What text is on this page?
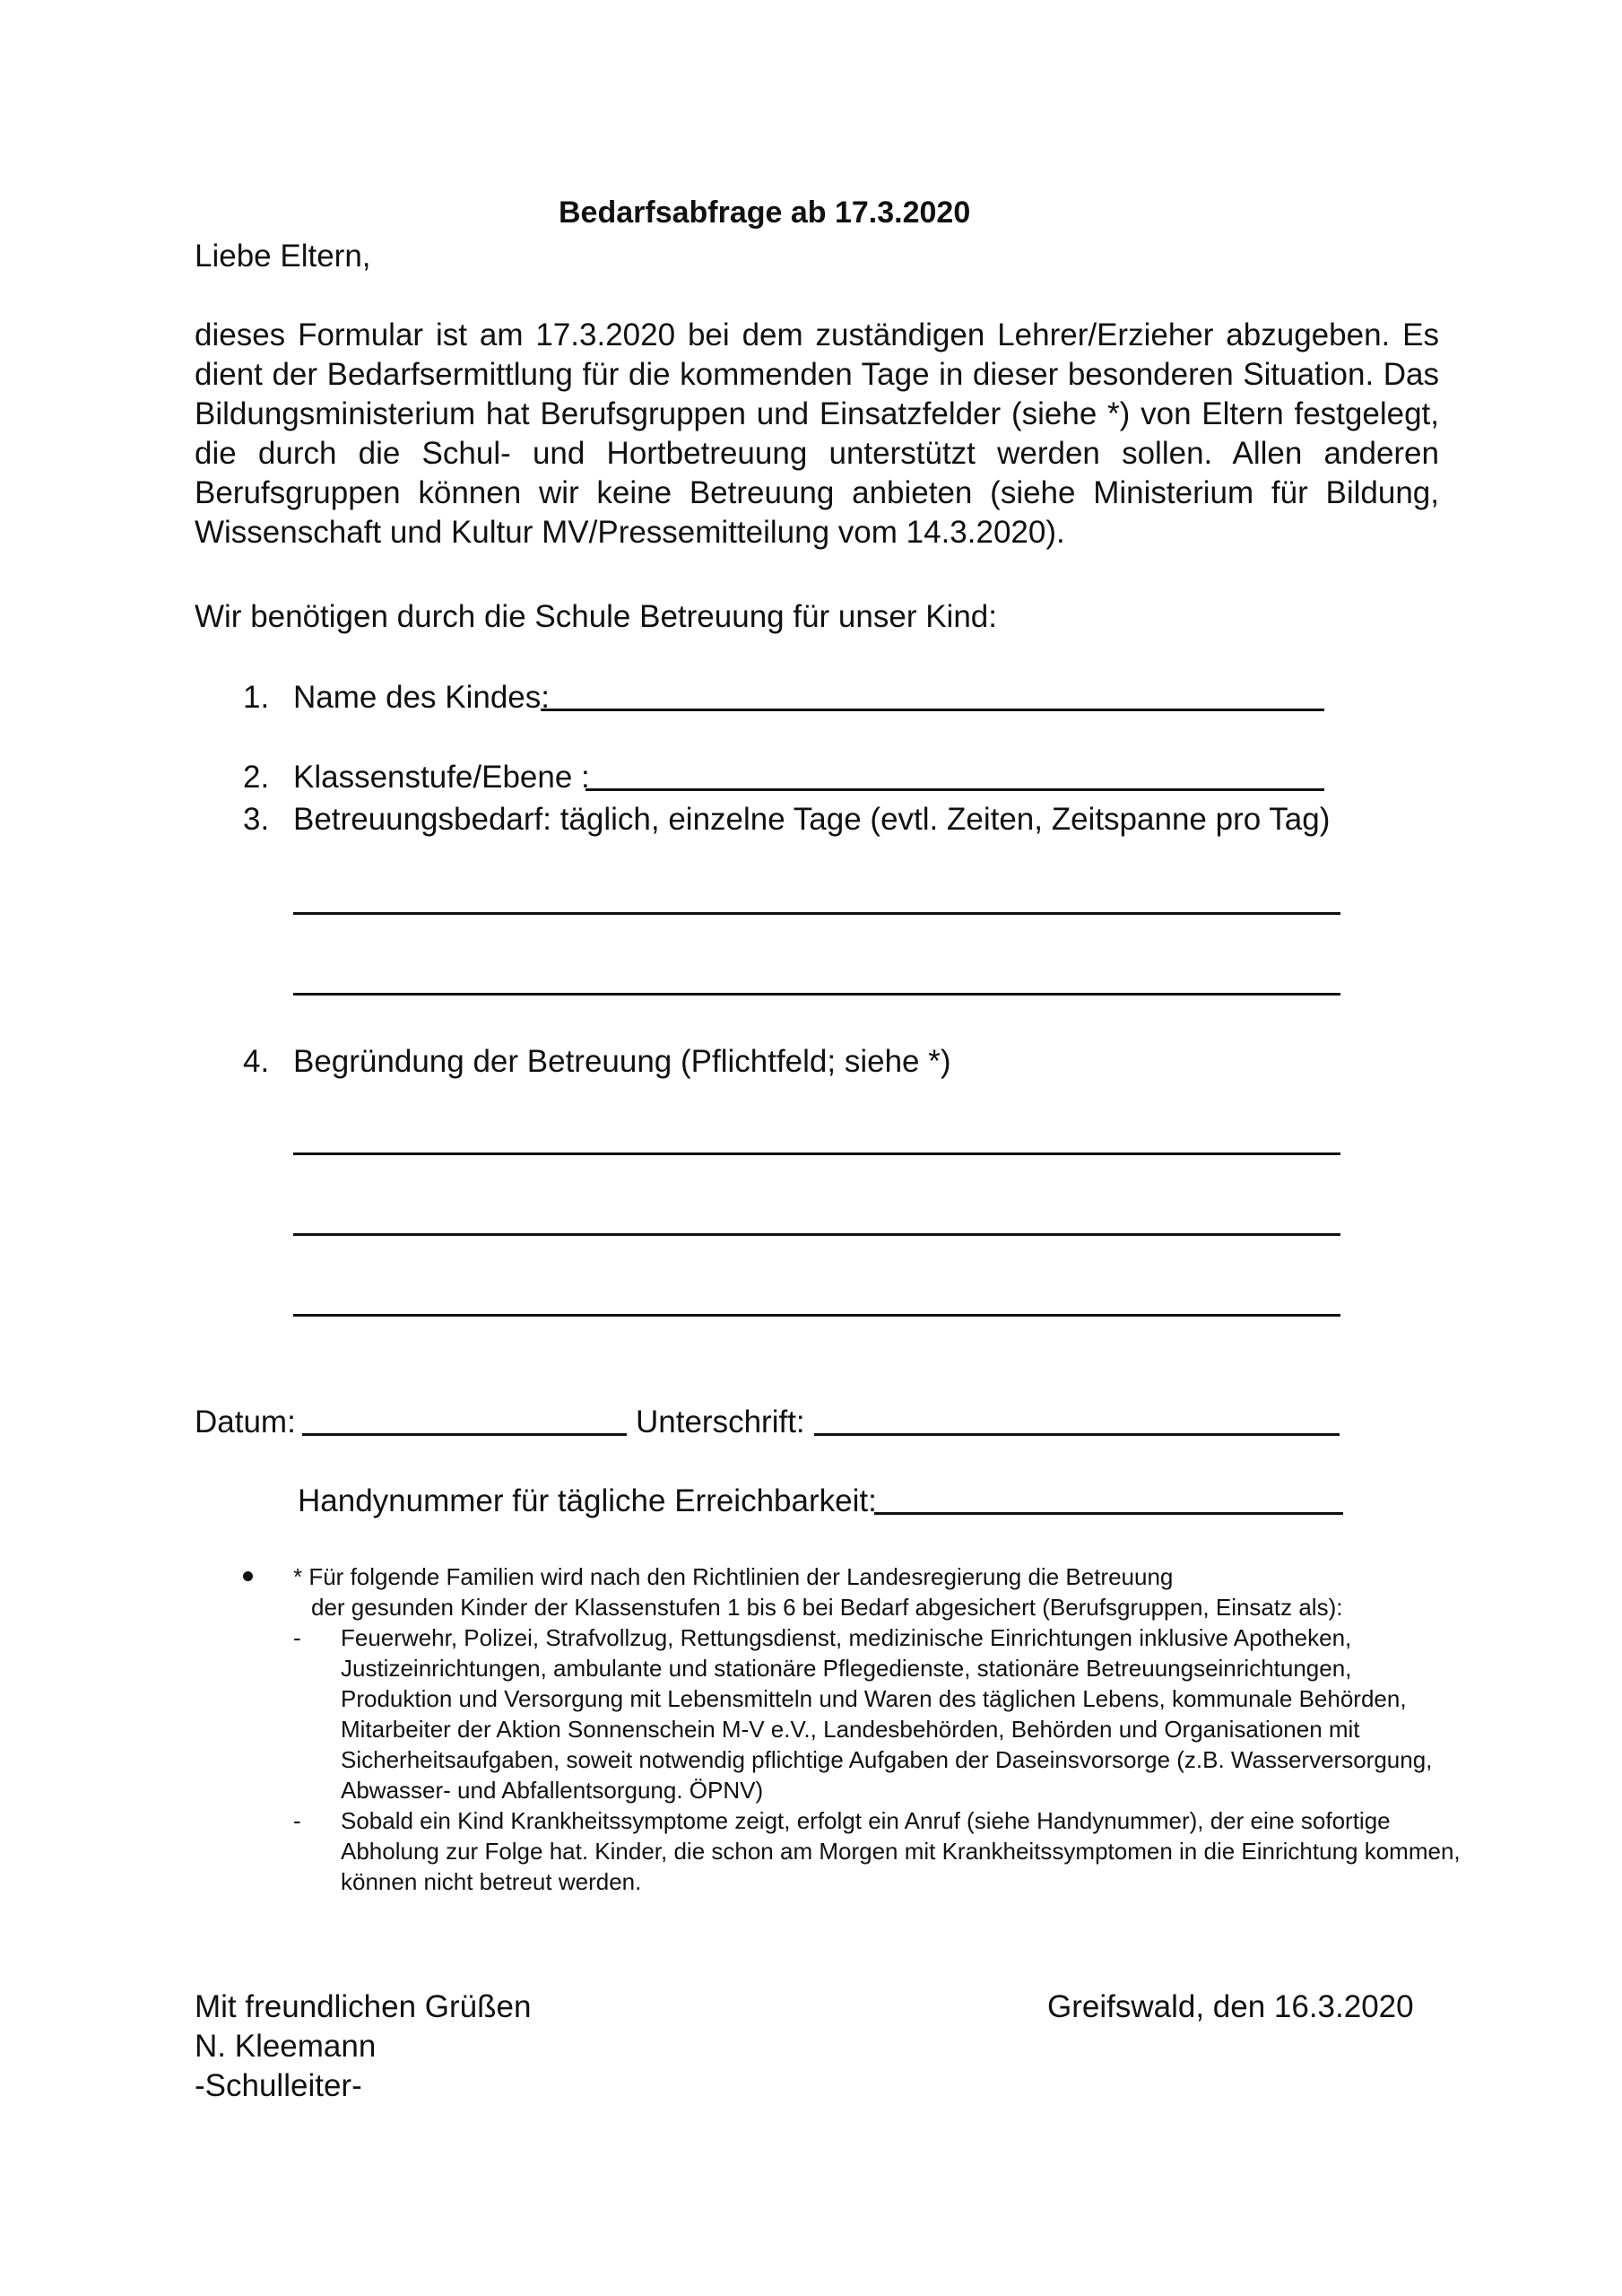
Bedarfsabfrage ab 17.3.2020
Liebe Eltern,
dieses Formular ist am 17.3.2020 bei dem zuständigen Lehrer/Erzieher abzugeben. Es dient der Bedarfsermittlung für die kommenden Tage in dieser besonderen Situation. Das Bildungsministerium hat Berufsgruppen und Einsatzfelder (siehe *) von Eltern festgelegt, die durch die Schul- und Hortbetreuung unterstützt werden sollen. Allen anderen Berufsgruppen können wir keine Betreuung anbieten (siehe Ministerium für Bildung, Wissenschaft und Kultur MV/Pressemitteilung vom 14.3.2020).
Wir benötigen durch die Schule Betreuung für unser Kind:
1. Name des Kindes:
2. Klassenstufe/Ebene :
3. Betreuungsbedarf: täglich, einzelne Tage (evtl. Zeiten, Zeitspanne pro Tag)
4. Begründung der Betreuung (Pflichtfeld; siehe *)
Datum:	Unterschrift:
Handynummer für tägliche Erreichbarkeit:
* Für folgende Familien wird nach den Richtlinien der Landesregierung die Betreuung
der gesunden Kinder der Klassenstufen 1 bis 6 bei Bedarf abgesichert (Berufsgruppen, Einsatz als):
- Feuerwehr, Polizei, Strafvollzug, Rettungsdienst, medizinische Einrichtungen inklusive Apotheken,
Justizeinrichtungen, ambulante und stationäre Pflegedienste, stationäre Betreuungseinrichtungen,
Produktion und Versorgung mit Lebensmitteln und Waren des täglichen Lebens, kommunale Behörden,
Mitarbeiter der Aktion Sonnenschein M-V e.V., Landesbehörden, Behörden und Organisationen mit
Sicherheitsaufgaben, soweit notwendig pflichtige Aufgaben der Daseinsvorsorge (z.B. Wasserversorgung,
Abwasser- und Abfallentsorgung. ÖPNV)
- Sobald ein Kind Krankheitssymptome zeigt, erfolgt ein Anruf (siehe Handynummer), der eine sofortige
Abholung zur Folge hat. Kinder, die schon am Morgen mit Krankheitssymptomen in die Einrichtung kommen,
können nicht betreut werden.
Mit freundlichen Grüßen	Greifswald, den 16.3.2020
N. Kleemann
-Schulleiter-
